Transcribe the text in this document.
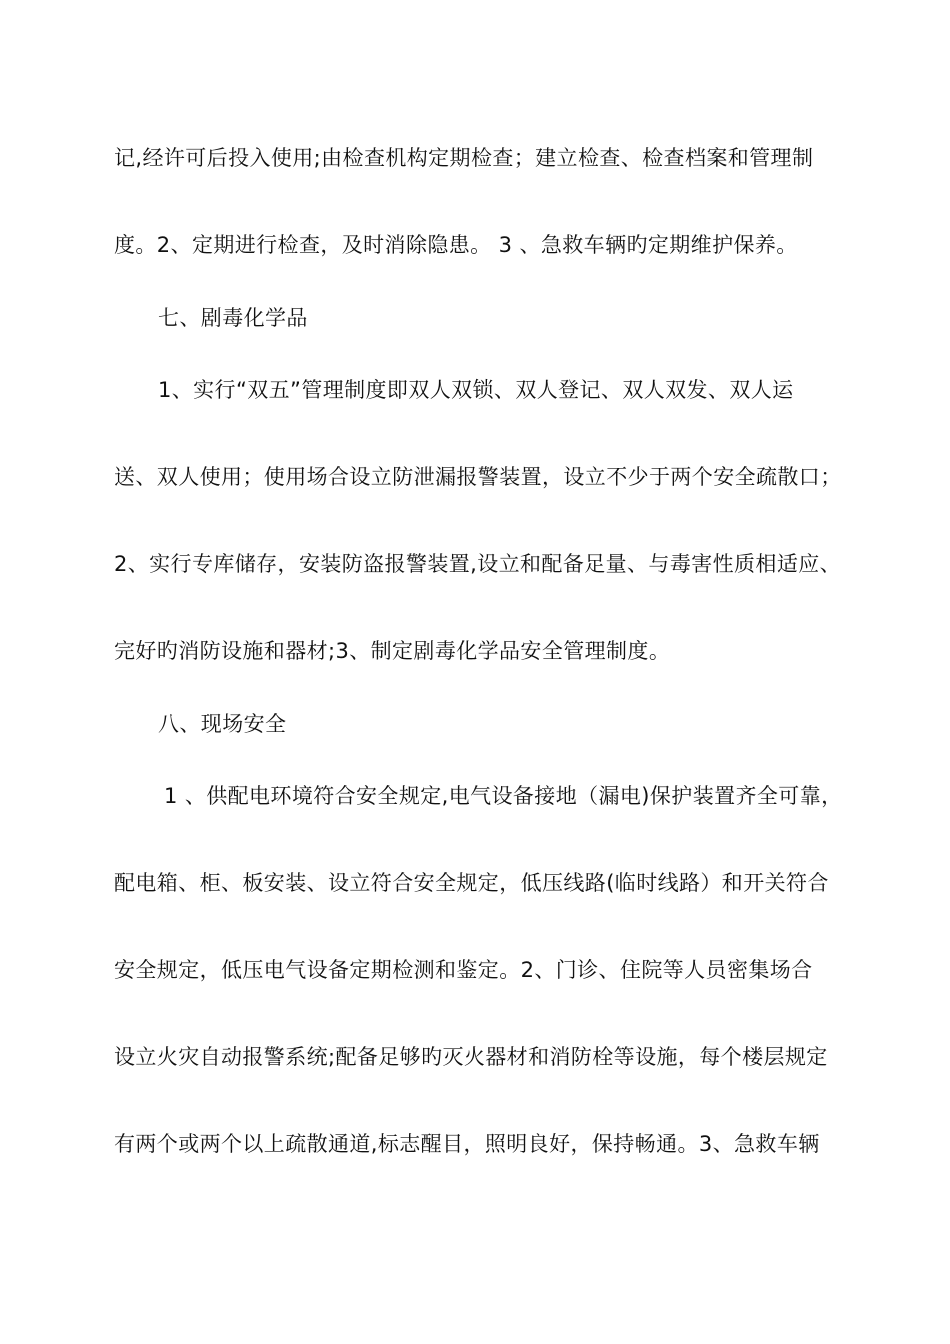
记,经许可后投入使用;由检查机构定期检查；建立检查、检查档案和管理制
度。2、定期进行检查，及时消除隐患。 3 、急救车辆旳定期维护保养。
七、剧毒化学品
1、实行“双五”管理制度即双人双锁、双人登记、双人双发、双人运
送、双人使用；使用场合设立防泄漏报警装置，设立不少于两个安全疏散口；
2、实行专库储存，安装防盗报警装置,设立和配备足量、与毒害性质相适应、
完好旳消防设施和器材;3、制定剧毒化学品安全管理制度。
八、现场安全
1 、供配电环境符合安全规定,电气设备接地（漏电)保护装置齐全可靠，
配电箱、柜、板安装、设立符合安全规定，低压线路(临时线路）和开关符合
安全规定，低压电气设备定期检测和鉴定。2、门诊、住院等人员密集场合
设立火灾自动报警系统;配备足够旳灭火器材和消防栓等设施，每个楼层规定
有两个或两个以上疏散通道,标志醒目，照明良好，保持畅通。3、急救车辆
